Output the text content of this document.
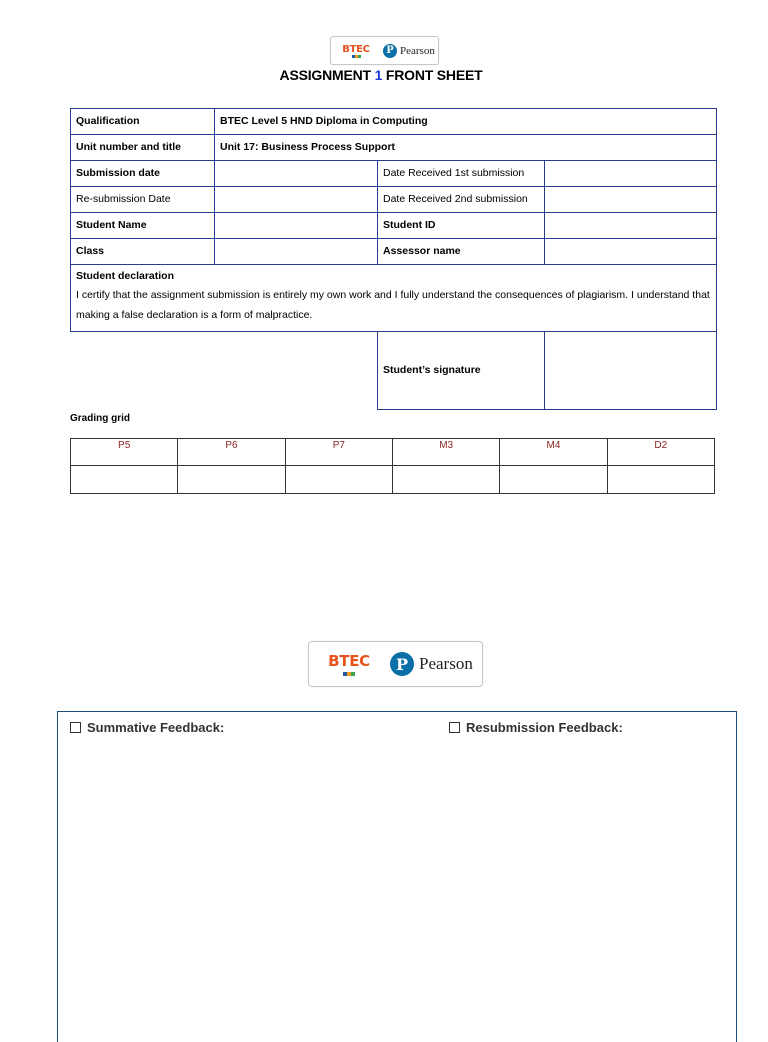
BTEC	P Pearson
ASSIGNMENT 1 FRONT SHEET
Qualification	BTEC Level 5 HND Diploma in Computing		
Unit number and title	Unit 17: Business Process Support		
Submission date		Date Received 1st submission	
Re-submission Date		Date Received 2nd submission	
Student Name		Student ID	
Class		Assessor name	

Student declaration
I certify that the assignment submission is entirely my own work and I fully understand the consequences of plagiarism. I understand that making a false declaration is a form of malpractice.			
		Student’s signature	
Grading grid
P5	P6	P7	M3	M4	D2

BTEC	P Pearson
Summative Feedback:	Resubmission Feedback:
